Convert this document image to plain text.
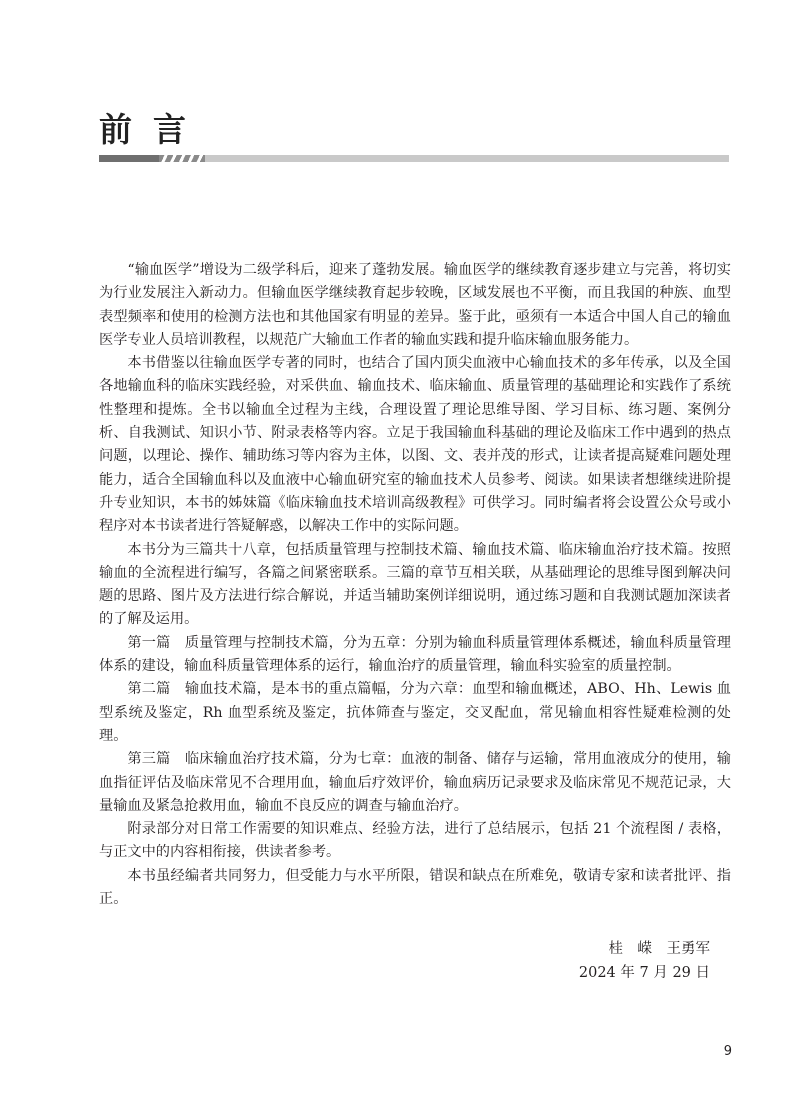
前言

“输血医学”增设为二级学科后，迎来了蓬勃发展。输血医学的继续教育逐步建立与完善，将切实为行业发展注入新动力。但输血医学继续教育起步较晚，区域发展也不平衡，而且我国的种族、血型表型频率和使用的检测方法也和其他国家有明显的差异。鉴于此，亟须有一本适合中国人自己的输血医学专业人员培训教程，以规范广大输血工作者的输血实践和提升临床输血服务能力。

本书借鉴以往输血医学专著的同时，也结合了国内顶尖血液中心输血技术的多年传承，以及全国各地输血科的临床实践经验，对采供血、输血技术、临床输血、质量管理的基础理论和实践作了系统性整理和提炼。全书以输血全过程为主线，合理设置了理论思维导图、学习目标、练习题、案例分析、自我测试、知识小节、附录表格等内容。立足于我国输血科基础的理论及临床工作中遇到的热点问题，以理论、操作、辅助练习等内容为主体，以图、文、表并茂的形式，让读者提高疑难问题处理能力，适合全国输血科以及血液中心输血研究室的输血技术人员参考、阅读。如果读者想继续进阶提升专业知识，本书的姊妹篇《临床输血技术培训高级教程》可供学习。同时编者将会设置公众号或小程序对本书读者进行答疑解惑，以解决工作中的实际问题。

本书分为三篇共十八章，包括质量管理与控制技术篇、输血技术篇、临床输血治疗技术篇。按照输血的全流程进行编写，各篇之间紧密联系。三篇的章节互相关联，从基础理论的思维导图到解决问题的思路、图片及方法进行综合解说，并适当辅助案例详细说明，通过练习题和自我测试题加深读者的了解及运用。

第一篇　质量管理与控制技术篇，分为五章：分别为输血科质量管理体系概述，输血科质量管理体系的建设，输血科质量管理体系的运行，输血治疗的质量管理，输血科实验室的质量控制。

第二篇　输血技术篇，是本书的重点篇幅，分为六章：血型和输血概述，ABO、Hh、Lewis 血型系统及鉴定，Rh 血型系统及鉴定，抗体筛查与鉴定，交叉配血，常见输血相容性疑难检测的处理。

第三篇　临床输血治疗技术篇，分为七章：血液的制备、储存与运输，常用血液成分的使用，输血指征评估及临床常见不合理用血，输血后疗效评价，输血病历记录要求及临床常见不规范记录，大量输血及紧急抢救用血，输血不良反应的调查与输血治疗。

附录部分对日常工作需要的知识难点、经验方法，进行了总结展示，包括 21 个流程图 / 表格，与正文中的内容相衔接，供读者参考。

本书虽经编者共同努力，但受能力与水平所限，错误和缺点在所难免，敬请专家和读者批评、指正。

桂　嵘　王勇军
2024 年 7 月 29 日
9
